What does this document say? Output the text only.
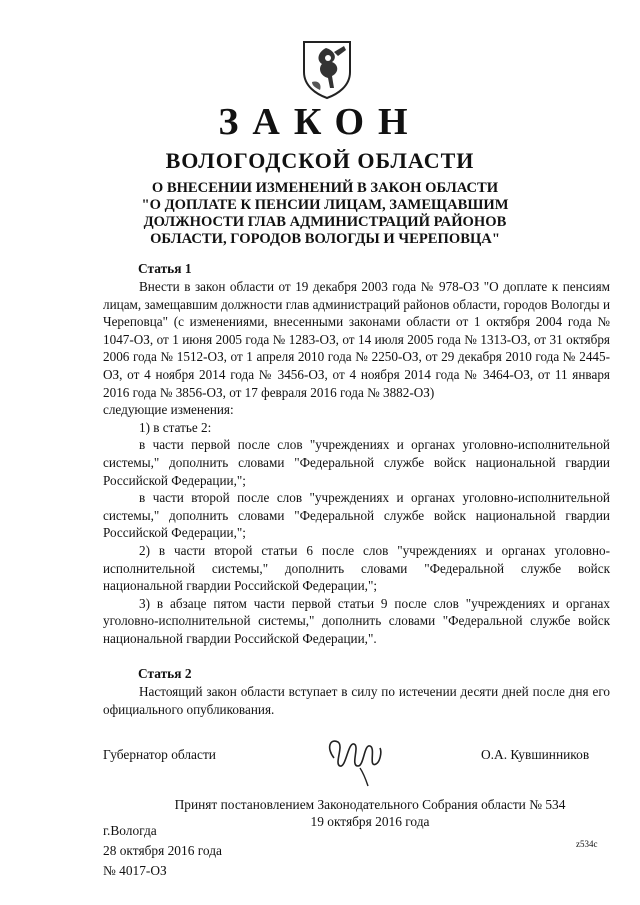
ЗАКОН
ВОЛОГОДСКОЙ ОБЛАСТИ
О ВНЕСЕНИИ ИЗМЕНЕНИЙ В ЗАКОН ОБЛАСТИ
"О ДОПЛАТЕ К ПЕНСИИ ЛИЦАМ, ЗАМЕЩАВШИМ
ДОЛЖНОСТИ ГЛАВ АДМИНИСТРАЦИЙ РАЙОНОВ
ОБЛАСТИ, ГОРОДОВ ВОЛОГДЫ И ЧЕРЕПОВЦА"
Статья 1

Внести в закон области от 19 декабря 2003 года № 978-ОЗ "О доплате к пенсиям лицам, замещавшим должности глав администраций районов области, городов Вологды и Череповца" (с изменениями, внесенными законами области от 1 октября 2004 года № 1047-ОЗ, от 1 июня 2005 года № 1283-ОЗ, от 14 июля 2005 года № 1313-ОЗ, от 31 октября 2006 года № 1512-ОЗ, от 1 апреля 2010 года № 2250-ОЗ, от 29 декабря 2010 года № 2445-ОЗ, от 4 ноября 2014 года № 3456-ОЗ, от 4 ноября 2014 года № 3464-ОЗ, от 11 января 2016 года № 3856-ОЗ, от 17 февраля 2016 года № 3882-ОЗ)

следующие изменения:

1) в статье 2:

в части первой после слов "учреждениях и органах уголовно-исполнительной системы," дополнить словами "Федеральной службе войск национальной гвардии Российской Федерации,";

в части второй после слов "учреждениях и органах уголовно-исполнительной системы," дополнить словами "Федеральной службе войск национальной гвардии Российской Федерации,";

2) в части второй статьи 6 после слов "учреждениях и органах уголовно-исполнительной системы," дополнить словами "Федеральной службе войск национальной гвардии Российской Федерации,";

3) в абзаце пятом части первой статьи 9 после слов "учреждениях и органах уголовно-исполнительной системы," дополнить словами "Федеральной службе войск национальной гвардии Российской Федерации,".

Статья 2

Настоящий закон области вступает в силу по истечении десяти дней после дня его официального опубликования.

Губернатор области	О.А. Кувшинников
Принят постановлением Законодательного Собрания области № 534
19 октября 2016 года
г.Вологда
28 октября 2016 года
№ 4017-ОЗ
z534c
